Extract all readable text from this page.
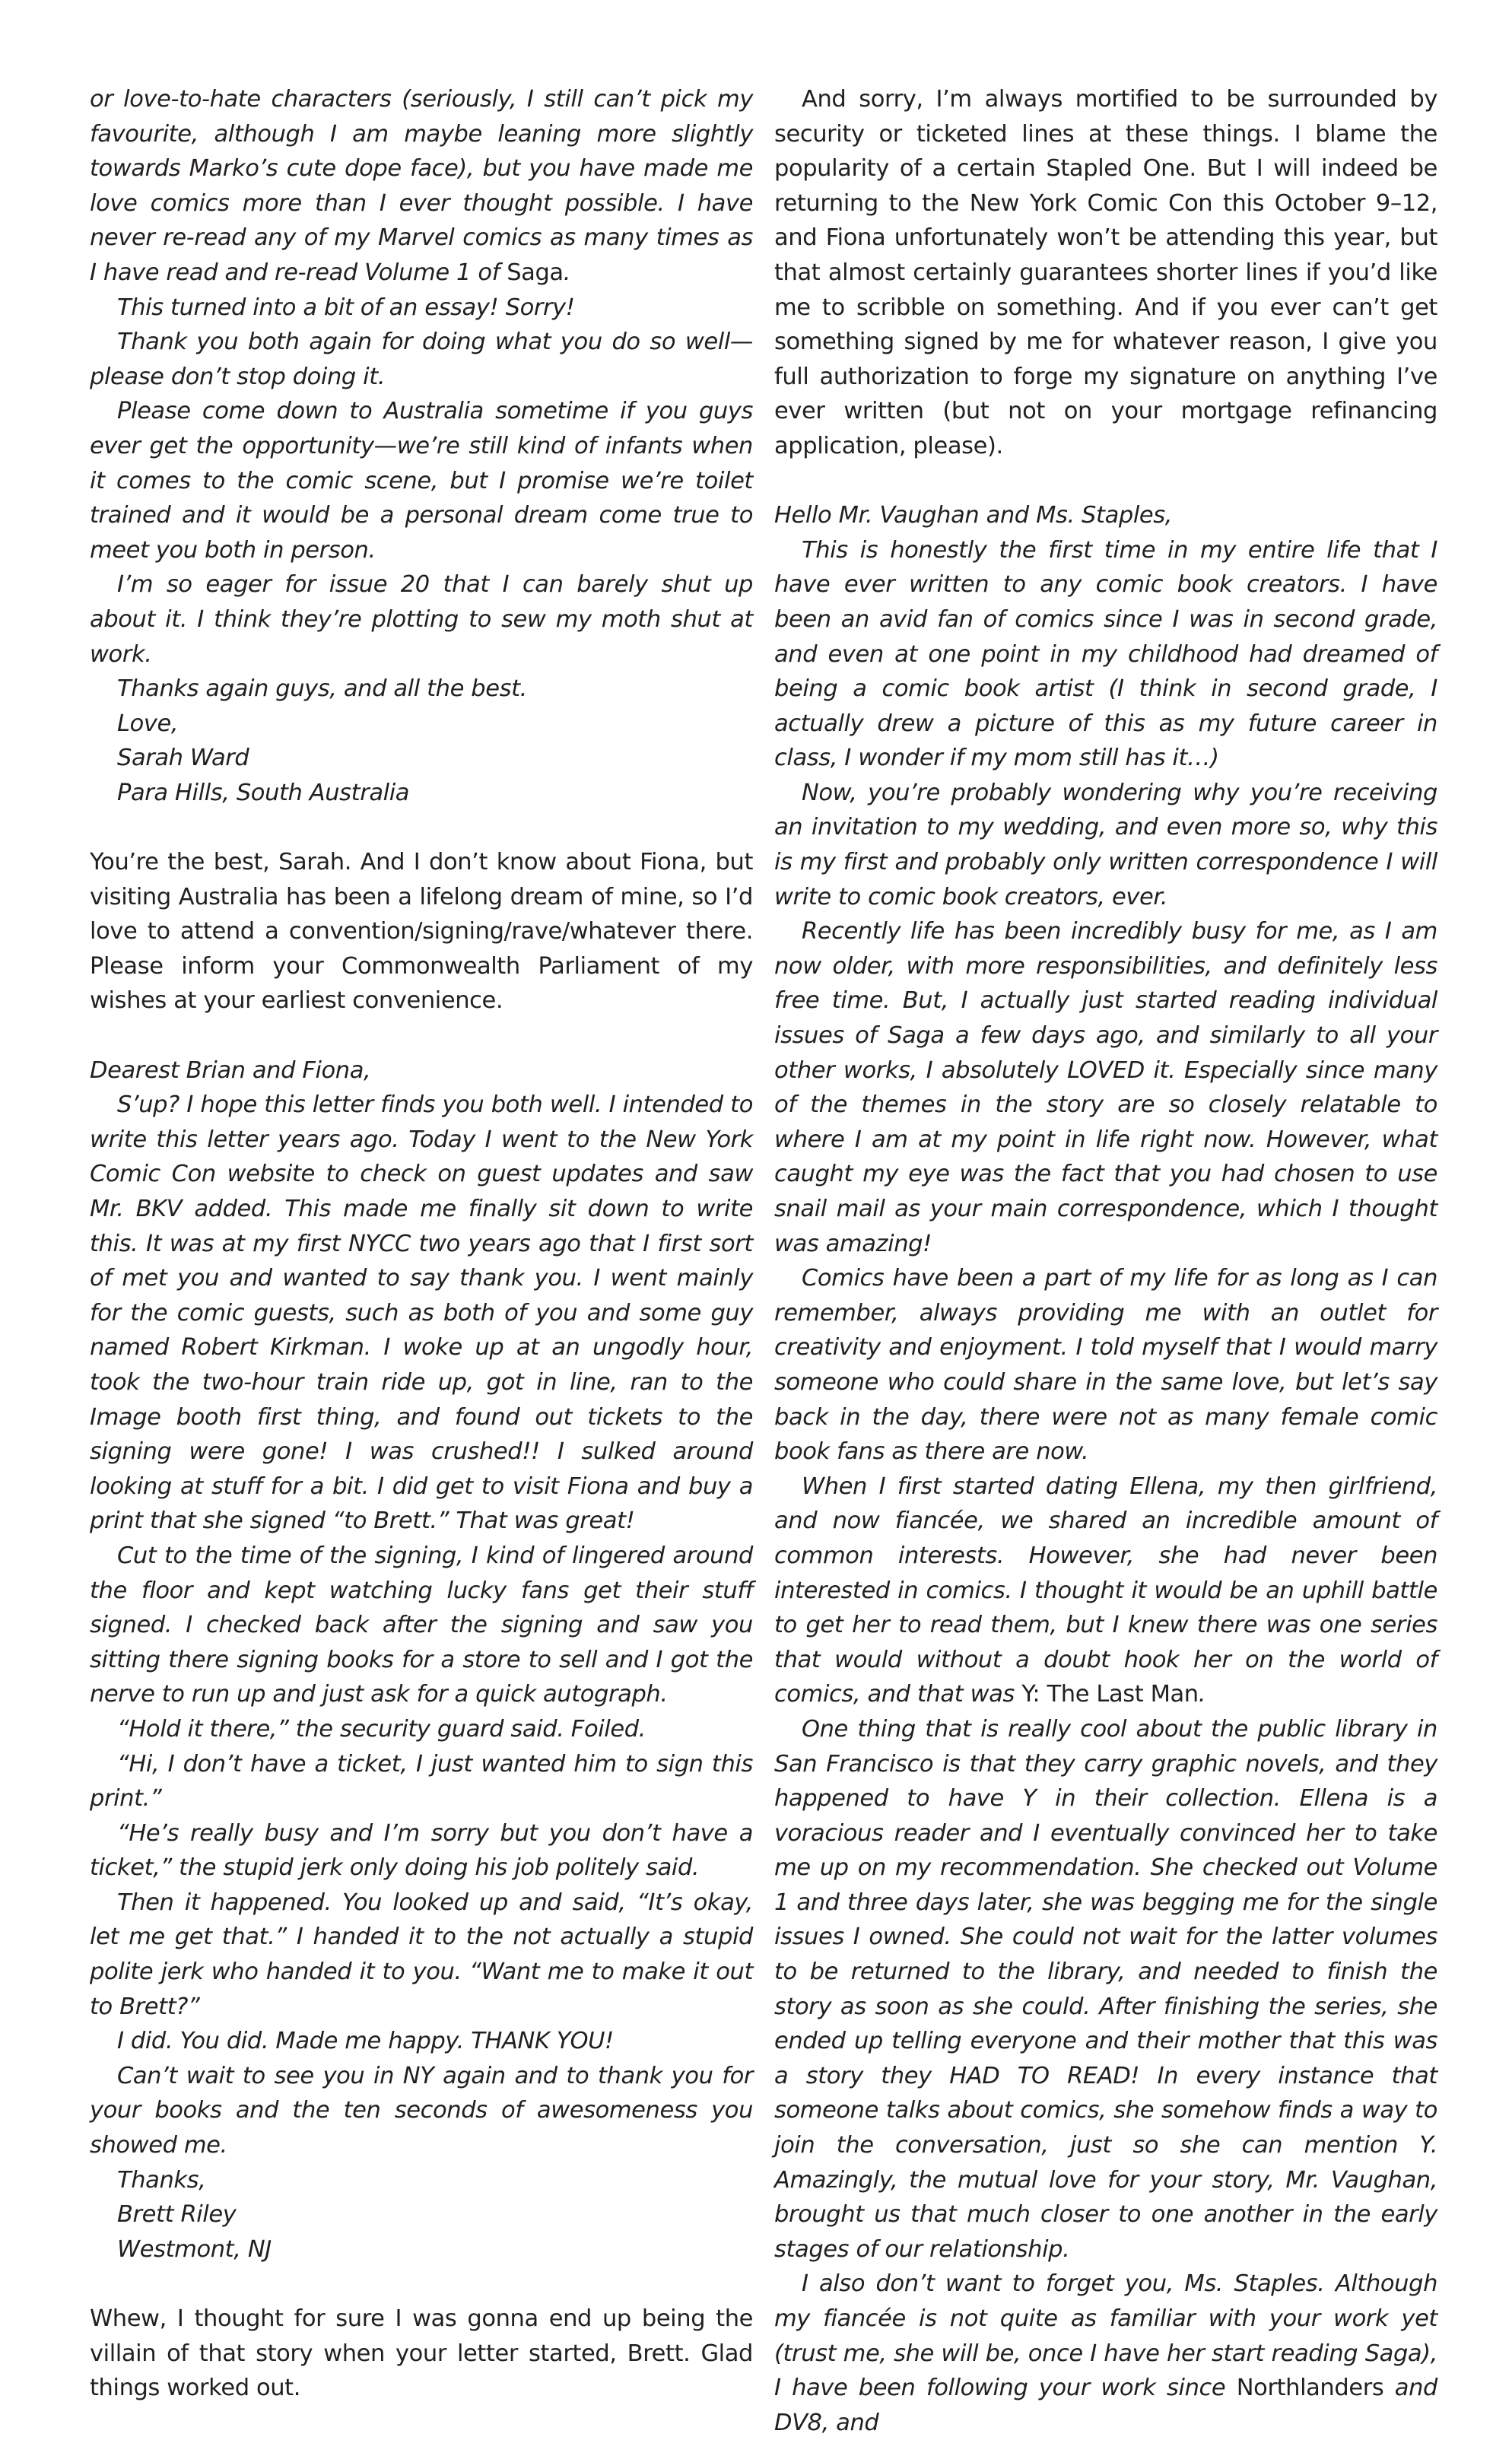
or love-to-hate characters (seriously, I still can’t pick my favourite, although I am maybe leaning more slightly towards Marko’s cute dope face), but you have made me love comics more than I ever thought possible. I have never re-read any of my Marvel comics as many times as I have read and re-read Volume 1 of Saga.

This turned into a bit of an essay! Sorry!

Thank you both again for doing what you do so well—please don’t stop doing it.

Please come down to Australia sometime if you guys ever get the opportunity—we’re still kind of infants when it comes to the comic scene, but I promise we’re toilet trained and it would be a personal dream come true to meet you both in person.

I’m so eager for issue 20 that I can barely shut up about it. I think they’re plotting to sew my moth shut at work.

Thanks again guys, and all the best.

Love,

Sarah Ward

Para Hills, South Australia

You’re the best, Sarah. And I don’t know about Fiona, but visiting Australia has been a lifelong dream of mine, so I’d love to attend a convention/signing/rave/whatever there. Please inform your Commonwealth Parliament of my wishes at your earliest convenience.

Dearest Brian and Fiona,

S’up? I hope this letter finds you both well. I intended to write this letter years ago. Today I went to the New York Comic Con website to check on guest updates and saw Mr. BKV added. This made me finally sit down to write this. It was at my first NYCC two years ago that I first sort of met you and wanted to say thank you. I went mainly for the comic guests, such as both of you and some guy named Robert Kirkman. I woke up at an ungodly hour, took the two-hour train ride up, got in line, ran to the Image booth first thing, and found out tickets to the signing were gone! I was crushed!! I sulked around looking at stuff for a bit. I did get to visit Fiona and buy a print that she signed “to Brett.” That was great!

Cut to the time of the signing, I kind of lingered around the floor and kept watching lucky fans get their stuff signed. I checked back after the signing and saw you sitting there signing books for a store to sell and I got the nerve to run up and just ask for a quick autograph.

“Hold it there,” the security guard said. Foiled.

“Hi, I don’t have a ticket, I just wanted him to sign this print.”

“He’s really busy and I’m sorry but you don’t have a ticket,” the stupid jerk only doing his job politely said.

Then it happened. You looked up and said, “It’s okay, let me get that.” I handed it to the not actually a stupid polite jerk who handed it to you. “Want me to make it out to Brett?”

I did. You did. Made me happy. THANK YOU!

Can’t wait to see you in NY again and to thank you for your books and the ten seconds of awesomeness you showed me.

Thanks,

Brett Riley

Westmont, NJ

Whew, I thought for sure I was gonna end up being the villain of that story when your letter started, Brett. Glad things worked out.

And sorry, I’m always mortified to be surrounded by security or ticketed lines at these things. I blame the popularity of a certain Stapled One. But I will indeed be returning to the New York Comic Con this October 9–12, and Fiona unfortunately won’t be attending this year, but that almost certainly guarantees shorter lines if you’d like me to scribble on something. And if you ever can’t get something signed by me for whatever reason, I give you full authorization to forge my signature on anything I’ve ever written (but not on your mortgage refinancing application, please).

Hello Mr. Vaughan and Ms. Staples,

This is honestly the first time in my entire life that I have ever written to any comic book creators. I have been an avid fan of comics since I was in second grade, and even at one point in my childhood had dreamed of being a comic book artist (I think in second grade, I actually drew a picture of this as my future career in class, I wonder if my mom still has it…)

Now, you’re probably wondering why you’re receiving an invitation to my wedding, and even more so, why this is my first and probably only written correspondence I will write to comic book creators, ever.

Recently life has been incredibly busy for me, as I am now older, with more responsibilities, and definitely less free time. But, I actually just started reading individual issues of Saga a few days ago, and similarly to all your other works, I absolutely LOVED it. Especially since many of the themes in the story are so closely relatable to where I am at my point in life right now. However, what caught my eye was the fact that you had chosen to use snail mail as your main correspondence, which I thought was amazing!

Comics have been a part of my life for as long as I can remember, always providing me with an outlet for creativity and enjoyment. I told myself that I would marry someone who could share in the same love, but let’s say back in the day, there were not as many female comic book fans as there are now.

When I first started dating Ellena, my then girlfriend, and now fiancée, we shared an incredible amount of common interests. However, she had never been interested in comics. I thought it would be an uphill battle to get her to read them, but I knew there was one series that would without a doubt hook her on the world of comics, and that was Y: The Last Man.

One thing that is really cool about the public library in San Francisco is that they carry graphic novels, and they happened to have Y in their collection. Ellena is a voracious reader and I eventually convinced her to take me up on my recommendation. She checked out Volume 1 and three days later, she was begging me for the single issues I owned. She could not wait for the latter volumes to be returned to the library, and needed to finish the story as soon as she could. After finishing the series, she ended up telling everyone and their mother that this was a story they HAD TO READ! In every instance that someone talks about comics, she somehow finds a way to join the conversation, just so she can mention Y. Amazingly, the mutual love for your story, Mr. Vaughan, brought us that much closer to one another in the early stages of our relationship.

I also don’t want to forget you, Ms. Staples. Although my fiancée is not quite as familiar with your work yet (trust me, she will be, once I have her start reading Saga), I have been following your work since Northlanders and DV8, and
